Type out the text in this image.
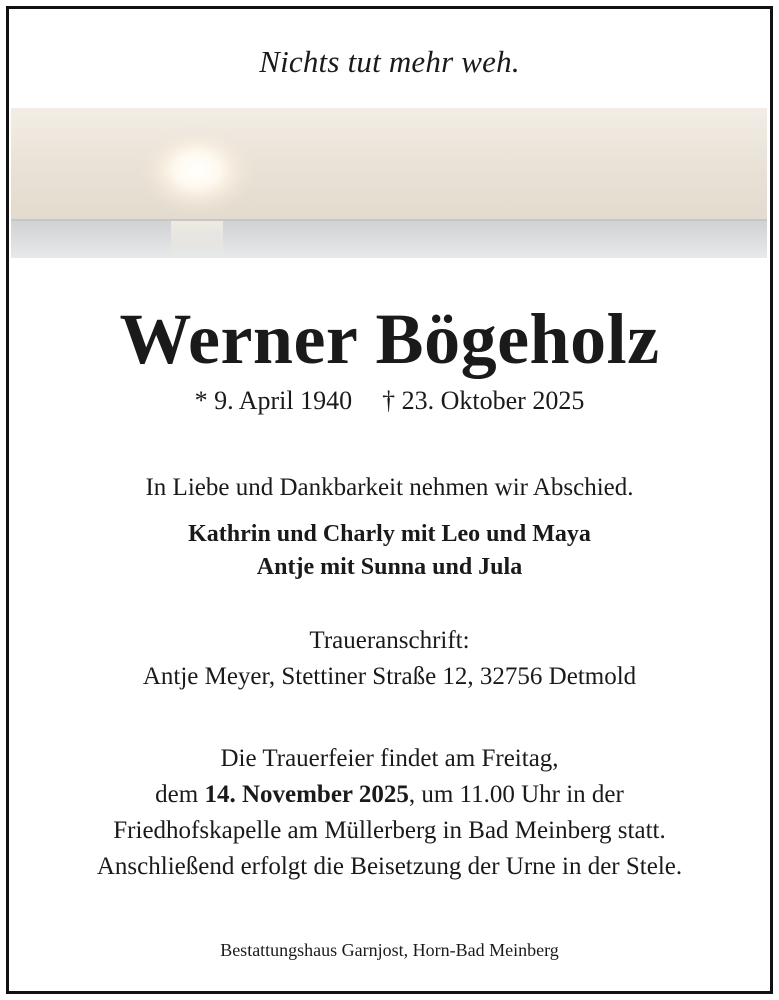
Nichts tut mehr weh.
Werner Bögeholz
* 9. April 1940 † 23. Oktober 2025
In Liebe und Dankbarkeit nehmen wir Abschied.
Kathrin und Charly mit Leo und Maya
Antje mit Sunna und Jula
Traueranschrift:
Antje Meyer, Stettiner Straße 12, 32756 Detmold
Die Trauerfeier findet am Freitag,
dem 14. November 2025, um 11.00 Uhr in der
Friedhofskapelle am Müllerberg in Bad Meinberg statt.
Anschließend erfolgt die Beisetzung der Urne in der Stele.
Bestattungshaus Garnjost, Horn-Bad Meinberg
